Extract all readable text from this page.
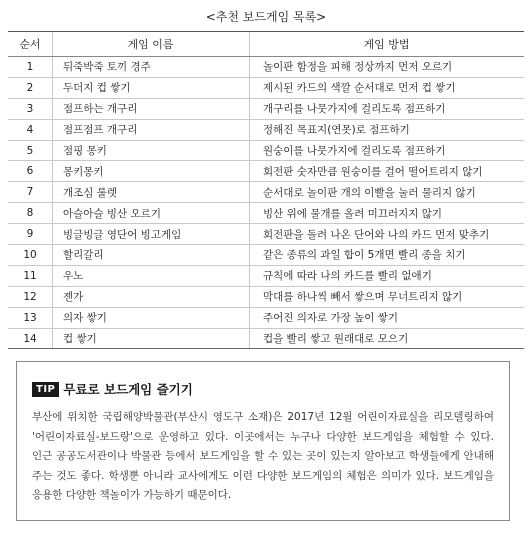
<추천 보드게임 목록>
순서	게임 이름	게임 방법
1	뒤죽박죽 토끼 경주	놀이판 함정을 피해 정상까지 먼저 오르기
2	두더지 컵 쌓기	제시된 카드의 색깔 순서대로 먼저 컵 쌓기
3	점프하는 개구리	개구리를 나뭇가지에 걸리도록 점프하기
4	점프점프 개구리	정해진 목표지(연못)로 점프하기
5	점핑 몽키	원숭이를 나뭇가지에 걸리도록 점프하기
6	몽키몽키	회전판 숫자만큼 원숭이를 걸어 떨어트리지 않기
7	개조심 룰렛	순서대로 놀이판 개의 이빨을 눌러 물리지 않기
8	아슬아슬 빙산 오르기	빙산 위에 물개를 올려 미끄러지지 않기
9	빙글빙글 영단어 빙고게임	회전판을 돌려 나온 단어와 나의 카드 먼저 맞추기
10	할리갈리	같은 종류의 과일 합이 5개면 빨리 종을 치기
11	우노	규칙에 따라 나의 카드를 빨리 없애기
12	젠가	막대를 하나씩 빼서 쌓으며 무너트리지 않기
13	의자 쌓기	주어진 의자로 가장 높이 쌓기
14	컵 쌓기	컵을 빨리 쌓고 원래대로 모으기
TIP 무료로 보드게임 즐기기
부산에 위치한 국립해양박물관(부산시 영도구 소재)은 2017년 12월 어린이자료실을 리모델링하여 '어린이자료실-보드랑'으로 운영하고 있다. 이곳에서는 누구나 다양한 보드게임을 체험할 수 있다. 인근 공공도서관이나 박물관 등에서 보드게임을 할 수 있는 곳이 있는지 알아보고 학생들에게 안내해 주는 것도 좋다. 학생뿐 아니라 교사에게도 이런 다양한 보드게임의 체험은 의미가 있다. 보드게임을 응용한 다양한 책놀이가 가능하기 때문이다.
